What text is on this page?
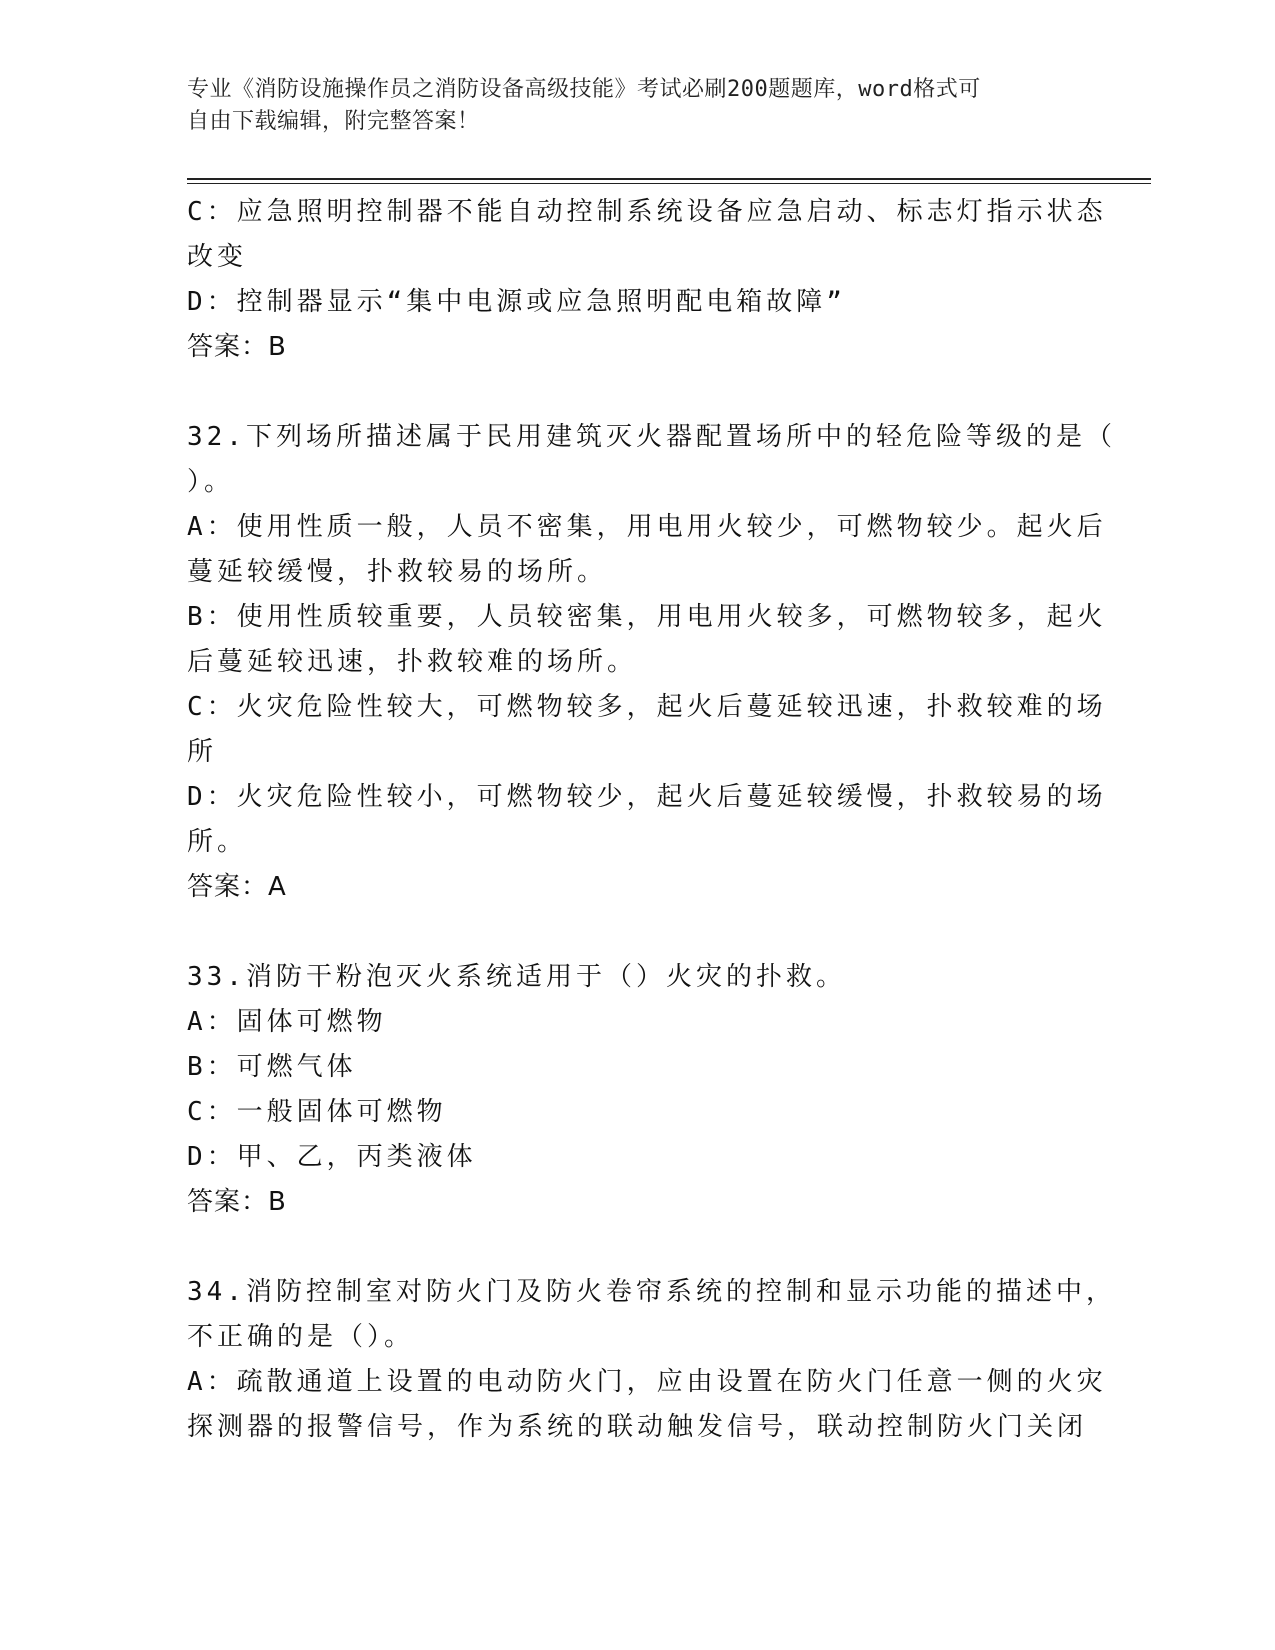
专业《消防设施操作员之消防设备高级技能》考试必刷200题题库，word格式可
自由下载编辑，附完整答案！
C：应急照明控制器不能自动控制系统设备应急启动、标志灯指示状态
改变
D：控制器显示“集中电源或应急照明配电箱故障”
答案：B
32.下列场所描述属于民用建筑灭火器配置场所中的轻危险等级的是（
）。
A：使用性质一般，人员不密集，用电用火较少，可燃物较少。起火后
蔓延较缓慢，扑救较易的场所。
B：使用性质较重要，人员较密集，用电用火较多，可燃物较多，起火
后蔓延较迅速，扑救较难的场所。
C：火灾危险性较大，可燃物较多，起火后蔓延较迅速，扑救较难的场
所
D：火灾危险性较小，可燃物较少，起火后蔓延较缓慢，扑救较易的场
所。
答案：A
33.消防干粉泡灭火系统适用于（）火灾的扑救。
A：固体可燃物
B：可燃气体
C：一般固体可燃物
D：甲、乙，丙类液体
答案：B
34.消防控制室对防火门及防火卷帘系统的控制和显示功能的描述中，
不正确的是（）。
A：疏散通道上设置的电动防火门，应由设置在防火门任意一侧的火灾
探测器的报警信号，作为系统的联动触发信号，联动控制防火门关闭
